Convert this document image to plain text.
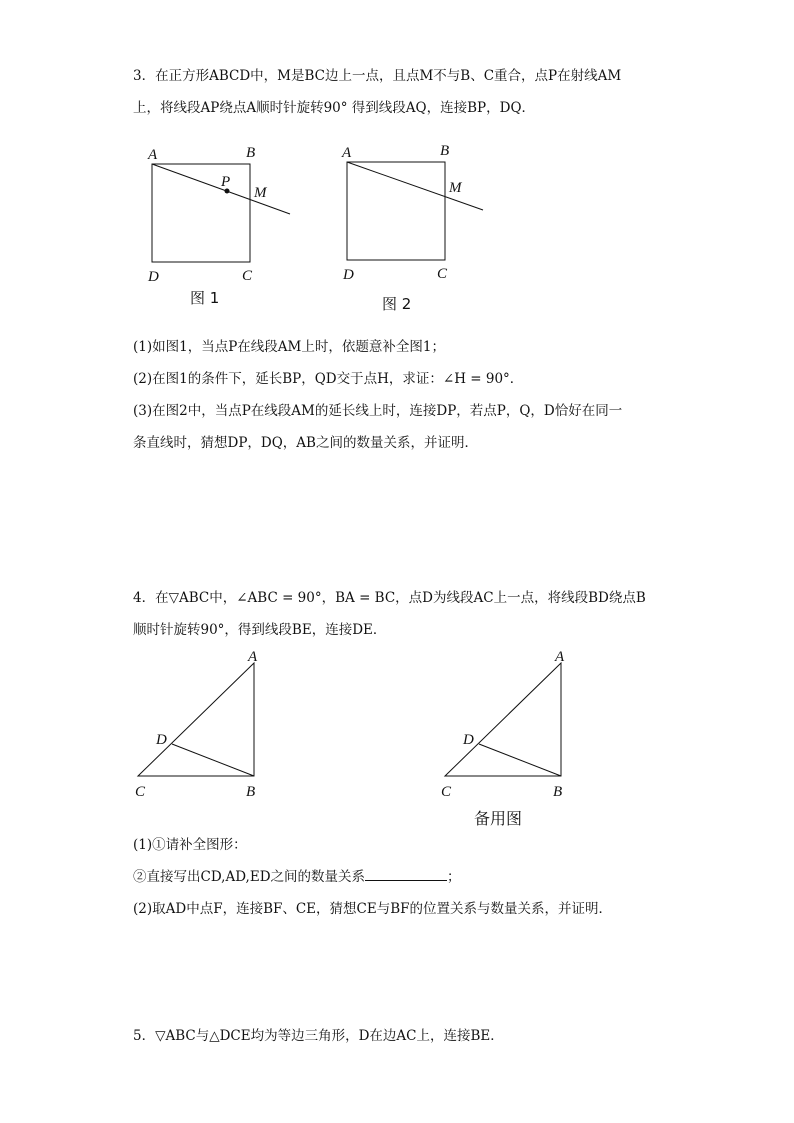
3．在正方形ABCD中，M是BC边上一点，且点M不与B、C重合，点P在射线AM
上，将线段AP绕点A顺时针旋转90° 得到线段AQ，连接BP，DQ．
A	B
P
M
D	C
图 1
A	B
M
D	C
图 2
(1)如图1，当点P在线段AM上时，依题意补全图1；
(2)在图1的条件下，延长BP，QD交于点H，求证：∠H = 90°．
(3)在图2中，当点P在线段AM的延长线上时，连接DP，若点P，Q，D恰好在同一
条直线时，猜想DP，DQ，AB之间的数量关系，并证明．
4．在▽ABC中，∠ABC = 90°，BA = BC，点D为线段AC上一点，将线段BD绕点B
顺时针旋转90°，得到线段BE，连接DE．
A
D
C	B
A
D
C	B
备用图
(1)①请补全图形：
②直接写出CD,AD,ED之间的数量关系	；
(2)取AD中点F，连接BF、CE，猜想CE与BF的位置关系与数量关系，并证明．
5．▽ABC与△DCE均为等边三角形，D在边AC上，连接BE．
